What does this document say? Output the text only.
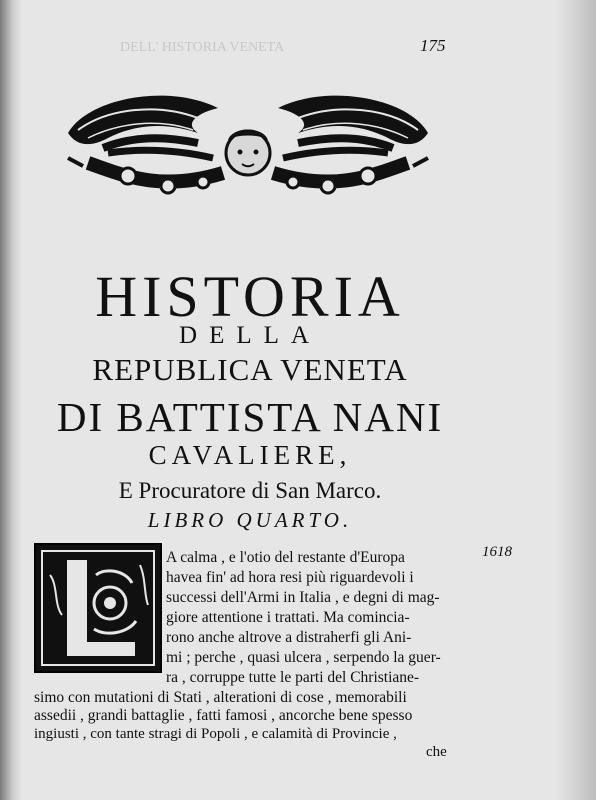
DELL' HISTORIA VENETA	175
HISTORIA
DELLA
REPUBLICA VENETA
DI BATTISTA NANI
CAVALIERE,
E Procuratore di San Marco.
LIBRO QUARTO.
A calma , e l'otio del restante d'Europa
havea fin' ad hora resi più riguardevoli i
successi dell'Armi in Italia , e degni di mag-
giore attentione i trattati. Ma comincia-
rono anche altrove a distraherfi gli Ani-
mi ; perche , quasi ulcera , serpendo la guer-
ra , corruppe tutte le parti del Christiane-
simo con mutationi di Stati , alterationi di cose , memorabili
assedii , grandi battaglie , fatti famosi , ancorche bene spesso
ingiusti , con tante stragi di Popoli , e calamità di Provincie ,
1618
che
